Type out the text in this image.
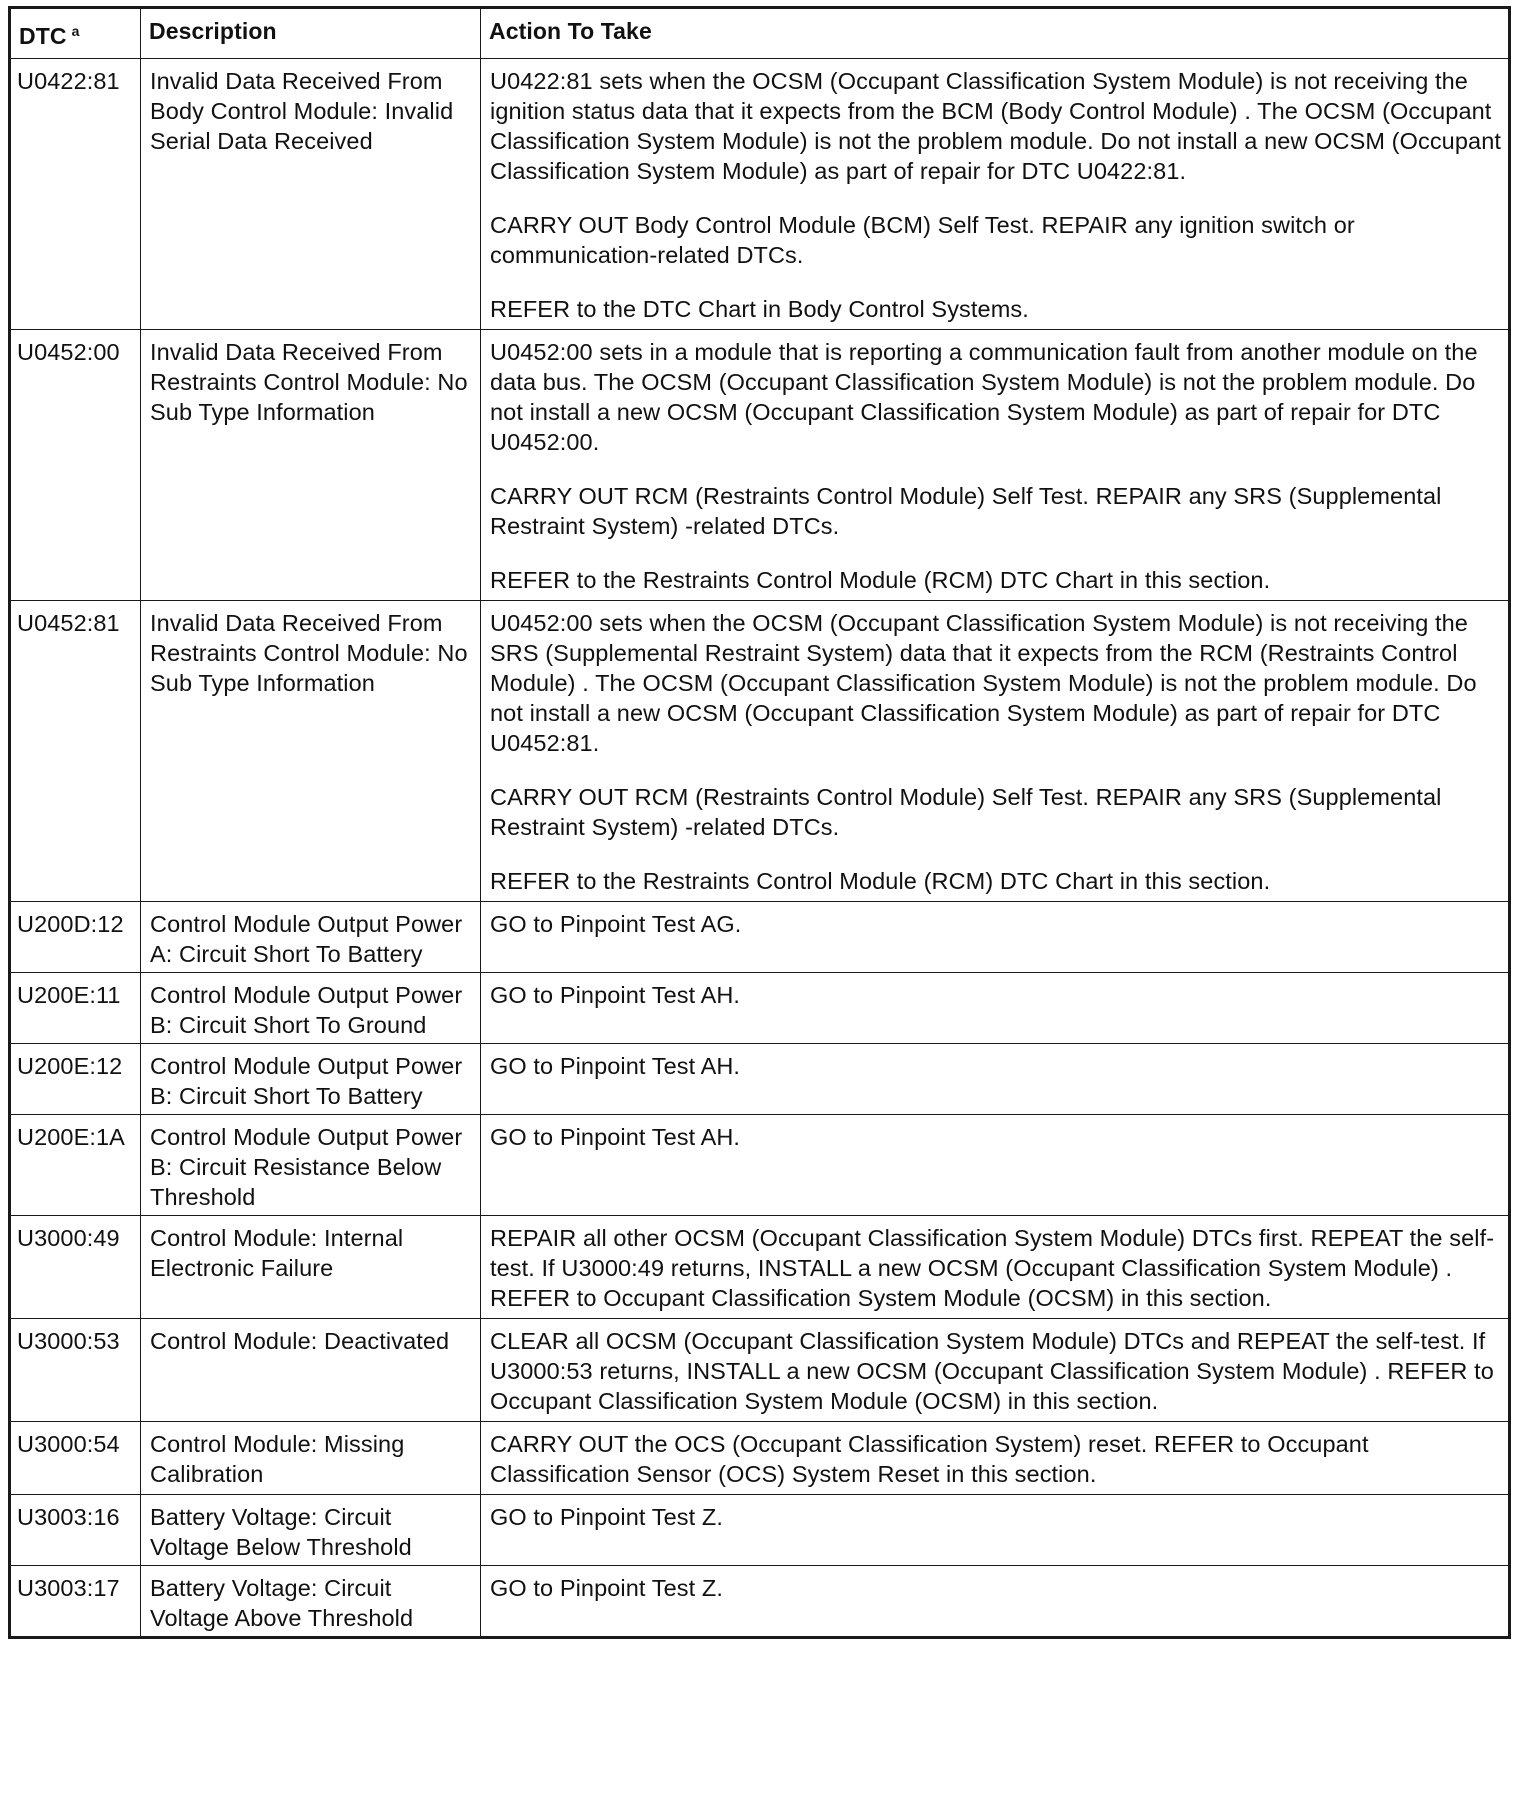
DTC $^a$	Description	Action To Take
U0422:81	Invalid Data Received From Body Control Module: Invalid Serial Data Received	U0422:81 sets when the OCSM (Occupant Classification System Module) is not receiving the ignition status data that it expects from the BCM (Body Control Module) . The OCSM (Occupant Classification System Module) is not the problem module. Do not install a new OCSM (Occupant Classification System Module) as part of repair for DTC U0422:81.

CARRY OUT Body Control Module (BCM) Self Test. REPAIR any ignition switch or communication-related DTCs.

REFER to the DTC Chart in Body Control Systems.

U0452:00	Invalid Data Received From Restraints Control Module: No Sub Type Information	U0452:00 sets in a module that is reporting a communication fault from another module on the data bus. The OCSM (Occupant Classification System Module) is not the problem module. Do not install a new OCSM (Occupant Classification System Module) as part of repair for DTC U0452:00.

CARRY OUT RCM (Restraints Control Module) Self Test. REPAIR any SRS (Supplemental Restraint System) -related DTCs.

REFER to the Restraints Control Module (RCM) DTC Chart in this section.

U0452:81	Invalid Data Received From Restraints Control Module: No Sub Type Information	U0452:00 sets when the OCSM (Occupant Classification System Module) is not receiving the SRS (Supplemental Restraint System) data that it expects from the RCM (Restraints Control Module) . The OCSM (Occupant Classification System Module) is not the problem module. Do not install a new OCSM (Occupant Classification System Module) as part of repair for DTC U0452:81.

CARRY OUT RCM (Restraints Control Module) Self Test. REPAIR any SRS (Supplemental Restraint System) -related DTCs.

REFER to the Restraints Control Module (RCM) DTC Chart in this section.

U200D:12	Control Module Output Power A: Circuit Short To Battery	GO to Pinpoint Test AG.

U200E:11	Control Module Output Power B: Circuit Short To Ground	GO to Pinpoint Test AH.

U200E:12	Control Module Output Power B: Circuit Short To Battery	GO to Pinpoint Test AH.

U200E:1A	Control Module Output Power B: Circuit Resistance Below Threshold	GO to Pinpoint Test AH.

U3000:49	Control Module: Internal Electronic Failure	REPAIR all other OCSM (Occupant Classification System Module) DTCs first. REPEAT the self-test. If U3000:49 returns, INSTALL a new OCSM (Occupant Classification System Module) . REFER to Occupant Classification System Module (OCSM) in this section.

U3000:53	Control Module: Deactivated	CLEAR all OCSM (Occupant Classification System Module) DTCs and REPEAT the self-test. If U3000:53 returns, INSTALL a new OCSM (Occupant Classification System Module) . REFER to Occupant Classification System Module (OCSM) in this section.

U3000:54	Control Module: Missing Calibration	CARRY OUT the OCS (Occupant Classification System) reset. REFER to Occupant Classification Sensor (OCS) System Reset in this section.

U3003:16	Battery Voltage: Circuit Voltage Below Threshold	GO to Pinpoint Test Z.

U3003:17	Battery Voltage: Circuit Voltage Above Threshold	GO to Pinpoint Test Z.
